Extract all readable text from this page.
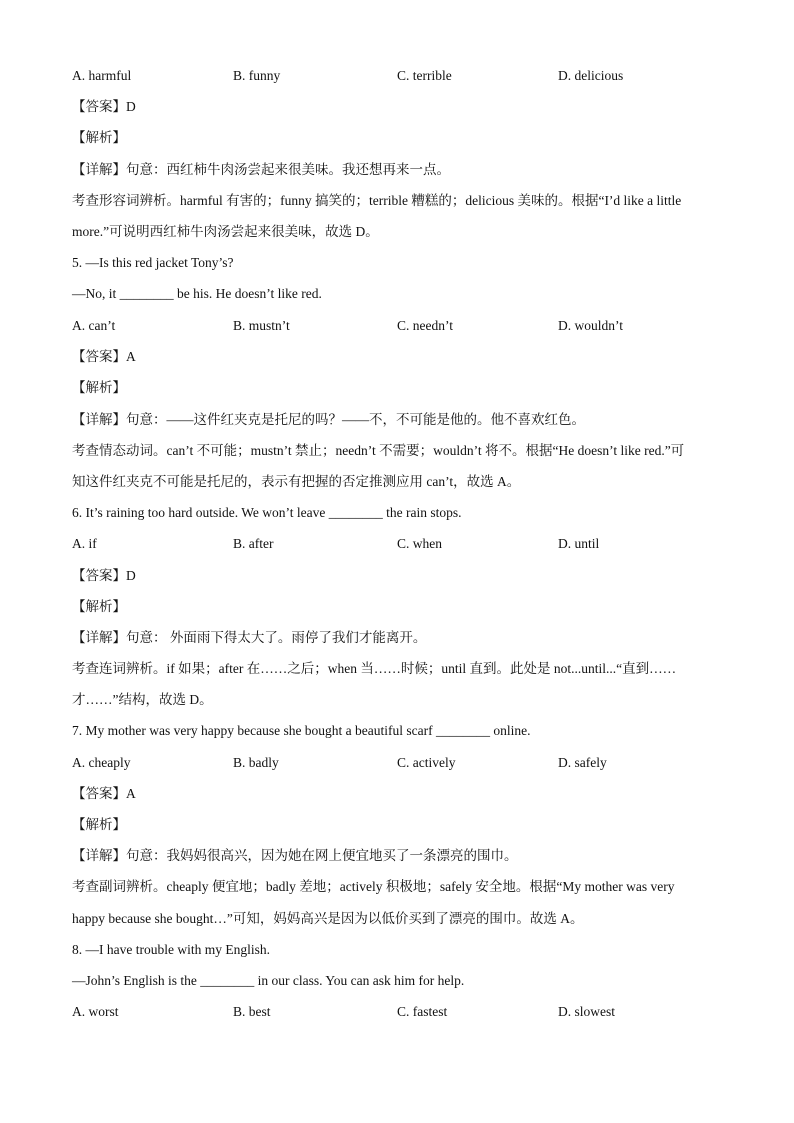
A. harmful	B. funny	C. terrible	D. delicious
【答案】D
【解析】
【详解】句意：西红柿牛肉汤尝起来很美味。我还想再来一点。
考查形容词辨析。harmful 有害的；funny 搞笑的；terrible 糟糕的；delicious 美味的。根据“I’d like a little
more.”可说明西红柿牛肉汤尝起来很美味，故选 D。
5. —Is this red jacket Tony’s?
—No, it ________ be his. He doesn’t like red.
A. can’t	B. mustn’t	C. needn’t	D. wouldn’t
【答案】A
【解析】
【详解】句意：——这件红夹克是托尼的吗？——不，不可能是他的。他不喜欢红色。
考查情态动词。can’t 不可能；mustn’t 禁止；needn’t 不需要；wouldn’t 将不。根据“He doesn’t like red.”可
知这件红夹克不可能是托尼的，表示有把握的否定推测应用 can’t，故选 A。
6. It’s raining too hard outside. We won’t leave ________ the rain stops.
A. if	B. after	C. when	D. until
【答案】D
【解析】
【详解】句意： 外面雨下得太大了。雨停了我们才能离开。
考查连词辨析。if 如果；after 在……之后；when 当……时候；until 直到。此处是 not...until...“直到……
才……”结构，故选 D。
7. My mother was very happy because she bought a beautiful scarf ________ online.
A. cheaply	B. badly	C. actively	D. safely
【答案】A
【解析】
【详解】句意：我妈妈很高兴，因为她在网上便宜地买了一条漂亮的围巾。
考查副词辨析。cheaply 便宜地；badly 差地；actively 积极地；safely 安全地。根据“My mother was very
happy because she bought…”可知，妈妈高兴是因为以低价买到了漂亮的围巾。故选 A。
8. —I have trouble with my English.
—John’s English is the ________ in our class. You can ask him for help.
A. worst	B. best	C. fastest	D. slowest
